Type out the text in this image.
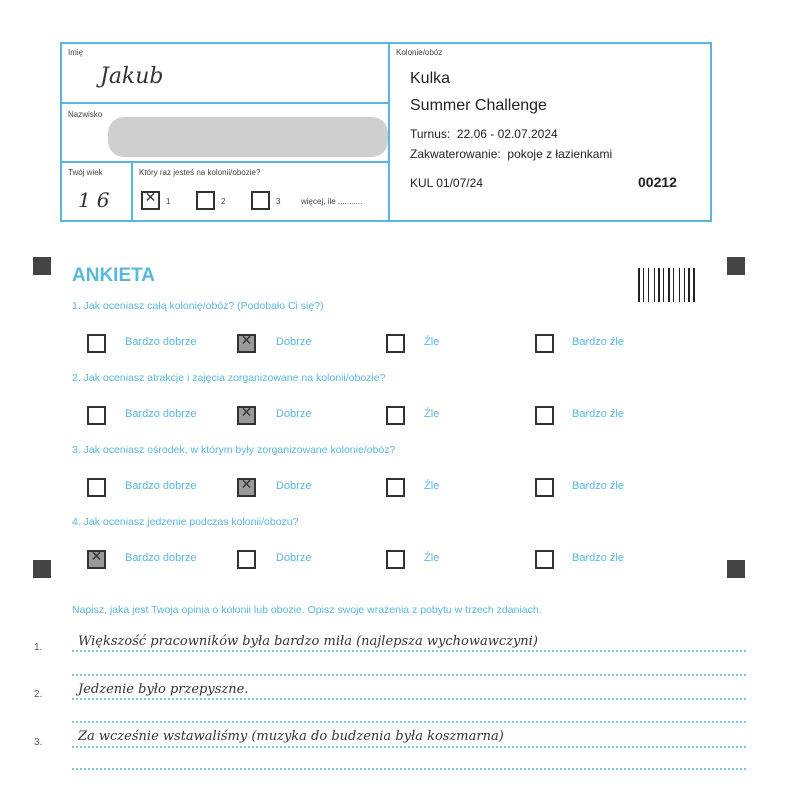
Imię
Jakub
Nazwisko
Twój wiek
16
Który raz jesteś na kolonii/obozie?
✕
1	2	3	więcej, ile ...........
Kolonie/obóz
Kulka
Summer Challenge
Turnus: 22.06 - 02.07.2024
Zakwaterowanie: pokoje z łazienkami
KUL 01/07/24	00212
ANKIETA
1. Jak oceniasz całą kolonię/obóz? (Podobało Ci się?)
2. Jak oceniasz atrakcje i zajęcia zorganizowane na kolonii/obozie?
3. Jak oceniasz ośrodek, w którym były zorganizowane kolonie/obóz?
4. Jak oceniasz jedzenie podczas kolonii/obozu?
Bardzo dobrze ✕	Dobrze	Źle	Bardzo źle
Bardzo dobrze ✕	Dobrze	Źle	Bardzo źle
Bardzo dobrze ✕	Dobrze	Źle	Bardzo źle
✕
Bardzo dobrze	Dobrze	Źle	Bardzo źle
Napisz, jaka jest Twoja opinia o kolonii lub obozie. Opisz swoje wrażenia z pobytu w trzech zdaniach.
1.	Większość pracowników była bardzo miła (najlepsza wychowawczyni)
2.	Jedzenie było przepyszne.
3.	Za wcześnie wstawaliśmy (muzyka do budzenia była koszmarna)
